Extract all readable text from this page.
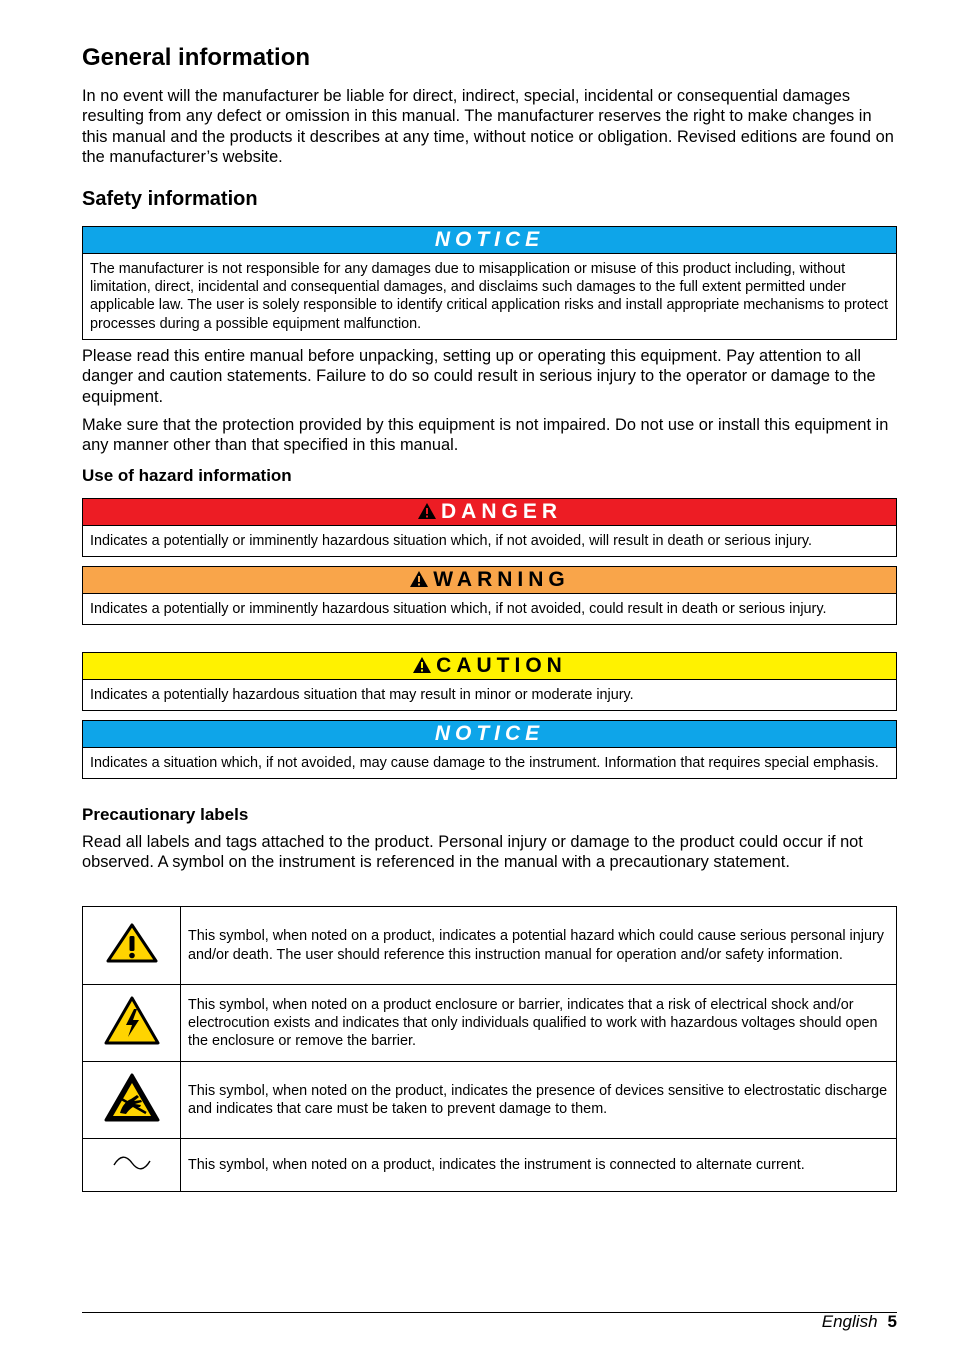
General information

In no event will the manufacturer be liable for direct, indirect, special, incidental or consequential damages resulting from any defect or omission in this manual. The manufacturer reserves the right to make changes in this manual and the products it describes at any time, without notice or obligation. Revised editions are found on the manufacturer’s website.

Safety information
NOTICE
The manufacturer is not responsible for any damages due to misapplication or misuse of this product including, without limitation, direct, incidental and consequential damages, and disclaims such damages to the full extent permitted under applicable law. The user is solely responsible to identify critical application risks and install appropriate mechanisms to protect processes during a possible equipment malfunction.

Please read this entire manual before unpacking, setting up or operating this equipment. Pay attention to all danger and caution statements. Failure to do so could result in serious injury to the operator or damage to the equipment.

Make sure that the protection provided by this equipment is not impaired. Do not use or install this equipment in any manner other than that specified in this manual.

Use of hazard information
DANGER
Indicates a potentially or imminently hazardous situation which, if not avoided, will result in death or serious injury.
WARNING
Indicates a potentially or imminently hazardous situation which, if not avoided, could result in death or serious injury.
CAUTION
Indicates a potentially hazardous situation that may result in minor or moderate injury.
NOTICE
Indicates a situation which, if not avoided, may cause damage to the instrument. Information that requires special emphasis.
Precautionary labels

Read all labels and tags attached to the product. Personal injury or damage to the product could occur if not observed. A symbol on the instrument is referenced in the manual with a precautionary statement.

	This symbol, when noted on a product, indicates a potential hazard which could cause serious personal injury and/or death. The user should reference this instruction manual for operation and/or safety information.
	This symbol, when noted on a product enclosure or barrier, indicates that a risk of electrical shock and/or electrocution exists and indicates that only individuals qualified to work with hazardous voltages should open the enclosure or remove the barrier.
	This symbol, when noted on the product, indicates the presence of devices sensitive to electrostatic discharge and indicates that care must be taken to prevent damage to them.
	This symbol, when noted on a product, indicates the instrument is connected to alternate current.
English 5
